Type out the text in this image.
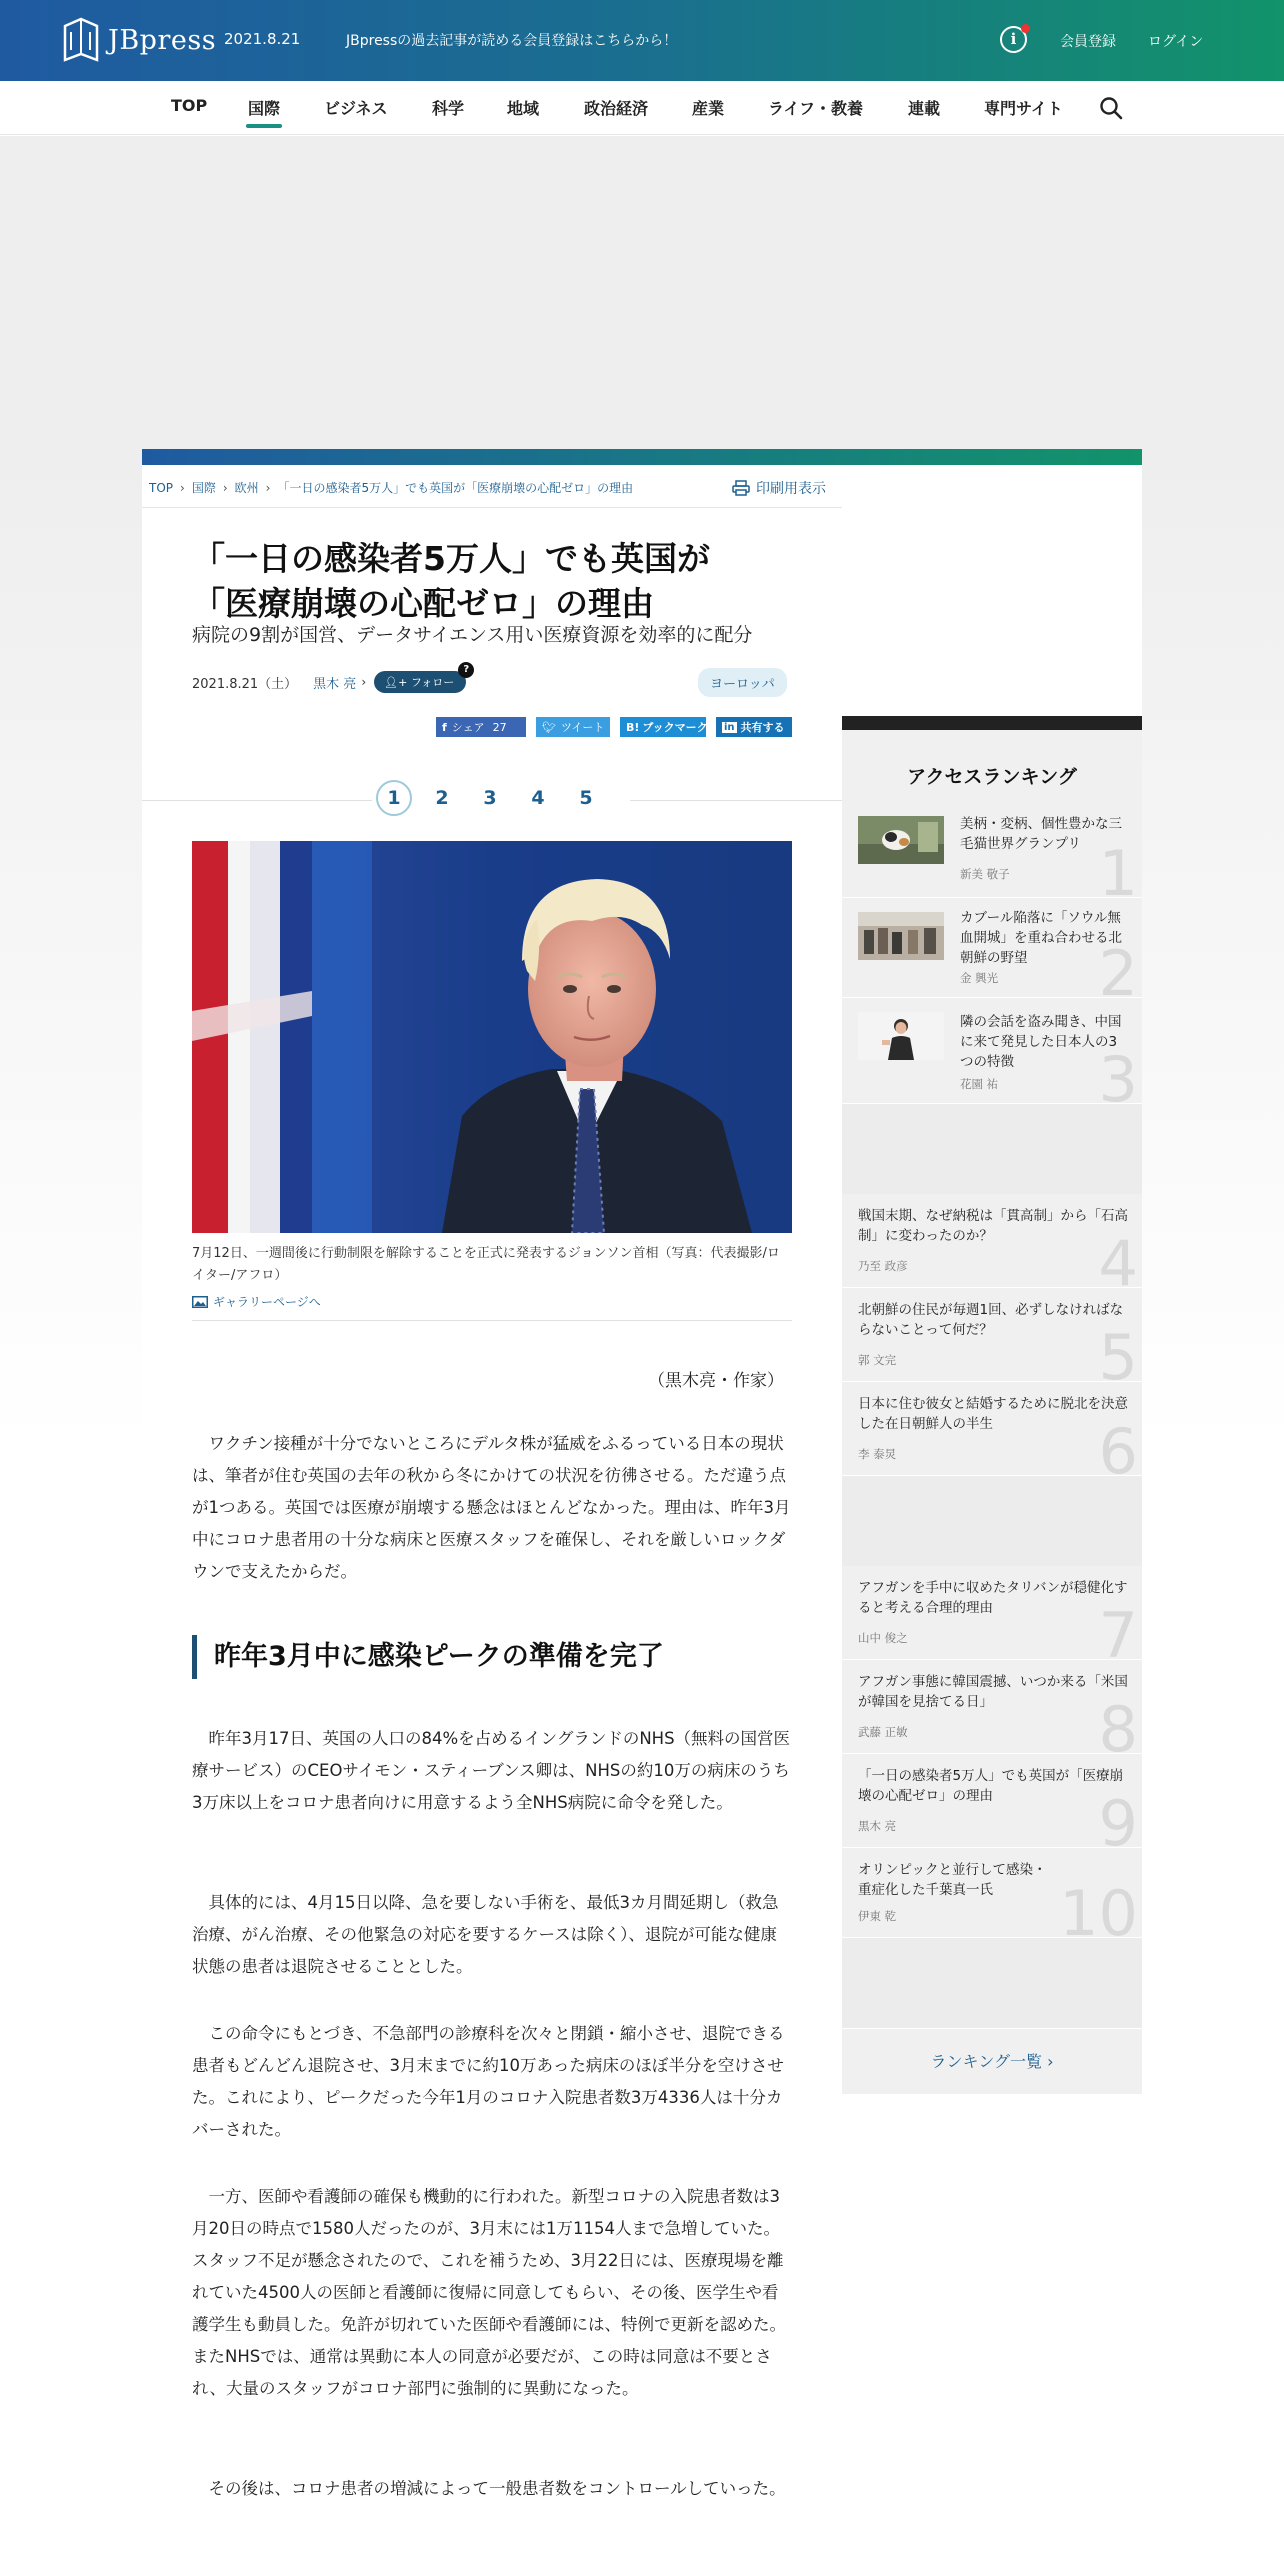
JBpress 2021.8.21	JBpressの過去記事が読める会員登録はこちらから！	i	会員登録 ログイン
TOP	国際	ビジネス	科学	地域	政治経済	産業	ライフ・教養	連載	専門サイト
TOP › 国際 › 欧州 › 「一日の感染者5万人」でも英国が「医療崩壊の心配ゼロ」の理由	印刷用表示
「一日の感染者5万人」でも英国が
「医療崩壊の心配ゼロ」の理由
病院の9割が国営、データサイエンス用い医療資源を効率的に配分
2021.8.21（土） 黒木 亮 ›	👤︎+ フォロー
?
ヨーロッパ
f シェア 27	🐦︎ ツイート B! ブックマーク in 共有する
1	2	3	4	5
7月12日、一週間後に行動制限を解除することを正式に発表するジョンソン首相（写真：代表撮影/ロイター/アフロ）
ギャラリーページへ
（黒木亮・作家）

ワクチン接種が十分でないところにデルタ株が猛威をふるっている日本の現状は、筆者が住む英国の去年の秋から冬にかけての状況を彷彿させる。ただ違う点が1つある。英国では医療が崩壊する懸念はほとんどなかった。理由は、昨年3月中にコロナ患者用の十分な病床と医療スタッフを確保し、それを厳しいロックダウンで支えたからだ。

昨年3月中に感染ピークの準備を完了

昨年3月17日、英国の人口の84%を占めるイングランドのNHS（無料の国営医療サービス）のCEOサイモン・スティーブンス卿は、NHSの約10万の病床のうち3万床以上をコロナ患者向けに用意するよう全NHS病院に命令を発した。

具体的には、4月15日以降、急を要しない手術を、最低3カ月間延期し（救急治療、がん治療、その他緊急の対応を要するケースは除く）、退院が可能な健康状態の患者は退院させることとした。

この命令にもとづき、不急部門の診療科を次々と閉鎖・縮小させ、退院できる患者もどんどん退院させ、3月末までに約10万あった病床のほぼ半分を空けさせた。これにより、ピークだった今年1月のコロナ入院患者数3万4336人は十分カバーされた。

一方、医師や看護師の確保も機動的に行われた。新型コロナの入院患者数は3月20日の時点で1580人だったのが、3月末には1万1154人まで急増していた。スタッフ不足が懸念されたので、これを補うため、3月22日には、医療現場を離れていた4500人の医師と看護師に復帰に同意してもらい、その後、医学生や看護学生も動員した。免許が切れていた医師や看護師には、特例で更新を認めた。またNHSでは、通常は異動に本人の同意が必要だが、この時は同意は不要とされ、大量のスタッフがコロナ部門に強制的に異動になった。

その後は、コロナ患者の増減によって一般患者数をコントロールしていった。

アクセスランキング
美柄・変柄、個性豊かな三毛猫世界グランプリ
新美 敬子 1
カブール陥落に「ソウル無血開城」を重ね合わせる北朝鮮の野望
金 興光 2
隣の会話を盗み聞き、中国に来て発見した日本人の3つの特徴
花園 祐 3
戦国末期、なぜ納税は「貫高制」から「石高制」に変わったのか？
乃至 政彦	4
北朝鮮の住民が毎週1回、必ずしなければならないことって何だ？
郭 文完	5
日本に住む彼女と結婚するために脱北を決意した在日朝鮮人の半生
李 泰炅	6
アフガンを手中に収めたタリバンが穏健化すると考える合理的理由
山中 俊之	7
アフガン事態に韓国震撼、いつか来る「米国が韓国を見捨てる日」
武藤 正敏	8
「一日の感染者5万人」でも英国が「医療崩壊の心配ゼロ」の理由
黒木 亮	9
オリンピックと並行して感染・重症化した千葉真一氏
伊東 乾	10
ランキング一覧 ›
